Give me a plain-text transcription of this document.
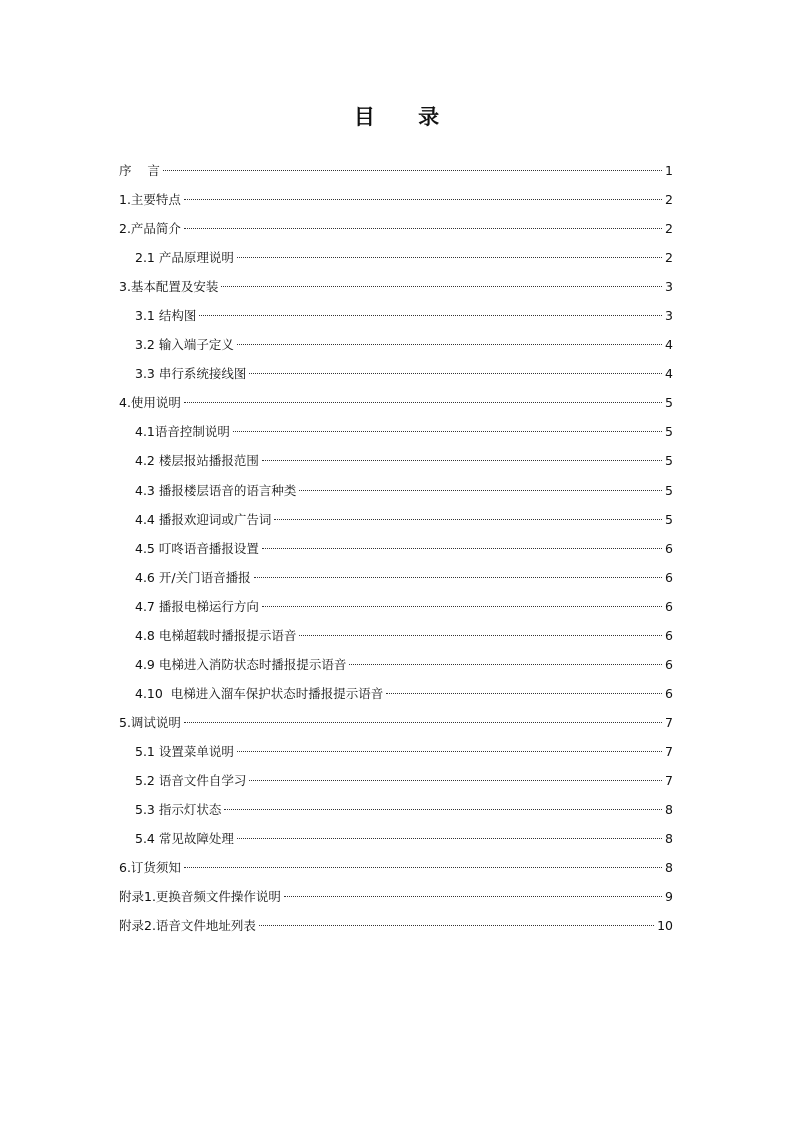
目 录
序    言	1
1.主要特点	2
2.产品简介	2
2.1 产品原理说明	2
3.基本配置及安装	3
3.1 结构图	3
3.2 输入端子定义	4
3.3 串行系统接线图	4
4.使用说明	5
4.1语音控制说明	5
4.2 楼层报站播报范围	5
4.3 播报楼层语音的语言种类	5
4.4 播报欢迎词或广告词	5
4.5 叮咚语音播报设置	6
4.6 开/关门语音播报	6
4.7 播报电梯运行方向	6
4.8 电梯超载时播报提示语音	6
4.9 电梯进入消防状态时播报提示语音	6
4.10  电梯进入溜车保护状态时播报提示语音	6
5.调试说明	7
5.1 设置菜单说明	7
5.2 语音文件自学习	7
5.3 指示灯状态	8
5.4 常见故障处理	8
6.订货须知	8
附录1.更换音频文件操作说明	9
附录2.语音文件地址列表	10
